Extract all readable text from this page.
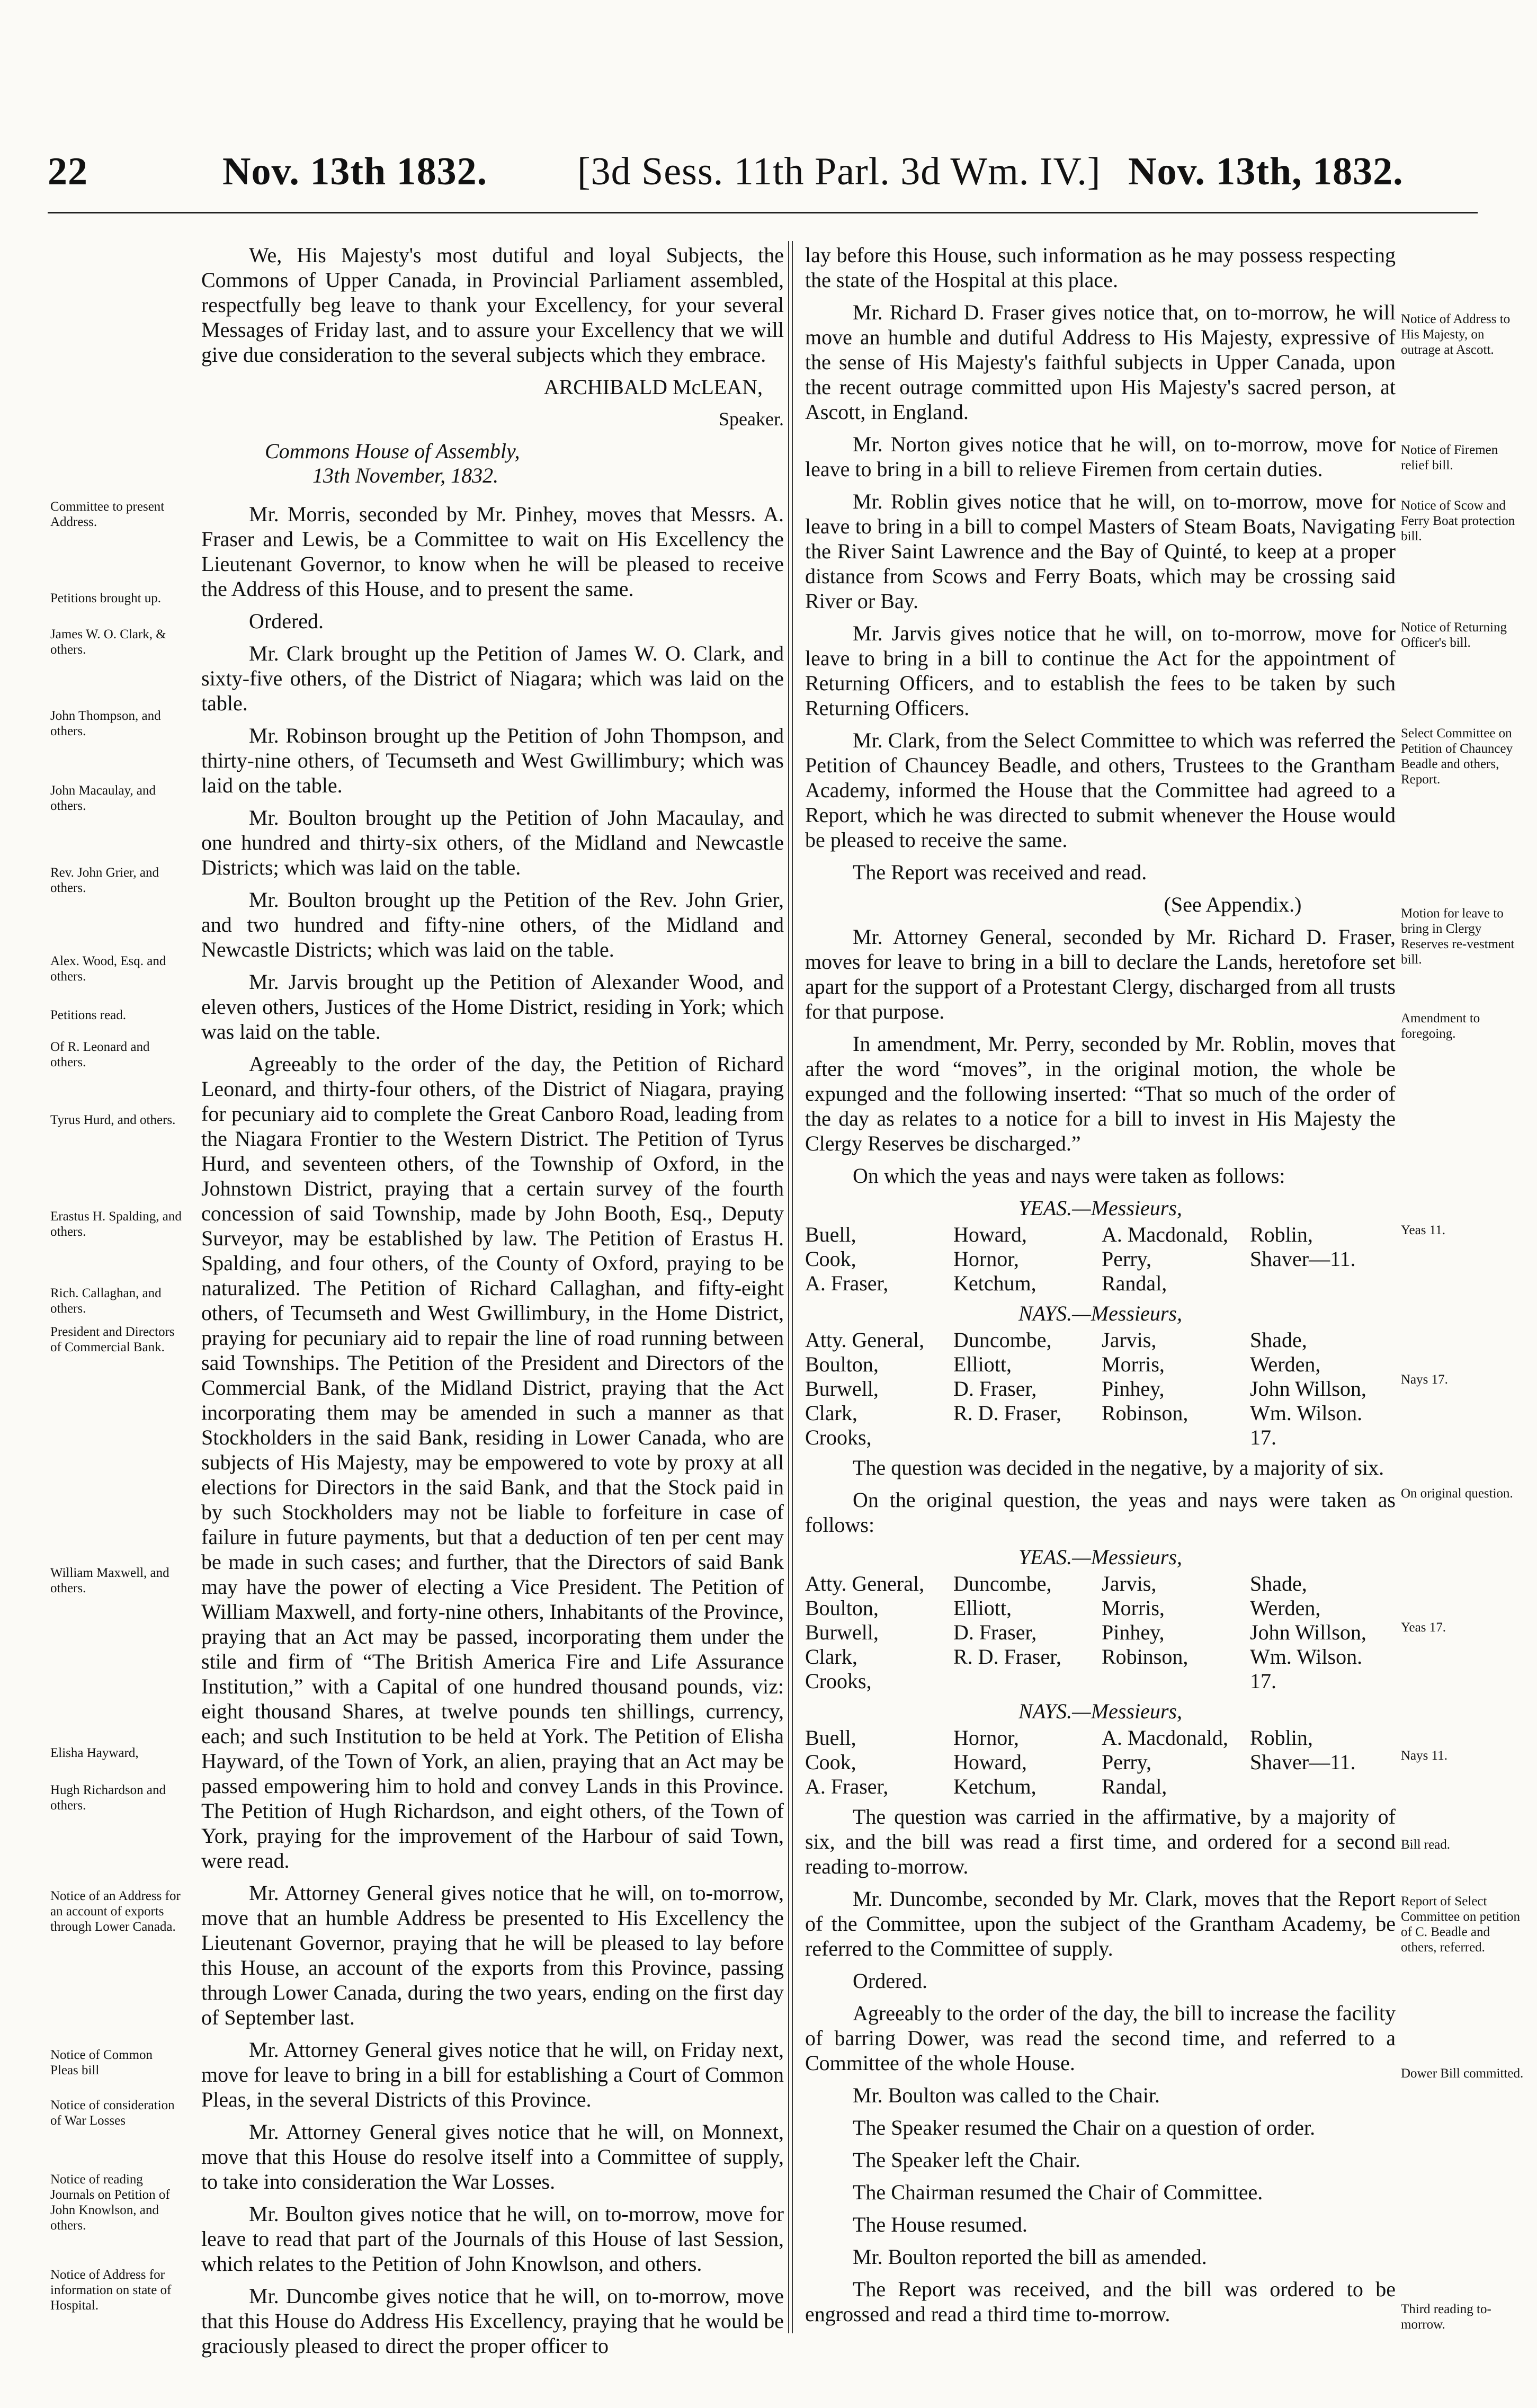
22	Nov. 13th 1832. [3d Sess. 11th Parl. 3d Wm. IV.] Nov. 13th, 1832.
Committee to present Address.
Petitions brought up.
James W. O. Clark, & others.
John Thompson, and others.
John Macaulay, and others.
Rev. John Grier, and others.
Alex. Wood, Esq. and others.
Petitions read.
Of R. Leonard and others.
Tyrus Hurd, and others.
Erastus H. Spalding, and others.
Rich. Callaghan, and others.
President and Directors of Commercial Bank.
William Maxwell, and others.
Elisha Hayward,
Hugh Richardson and others.
Notice of an Address for an account of exports through Lower Canada.
Notice of Common Pleas bill
Notice of consideration of War Losses
Notice of reading Journals on Petition of John Knowlson, and others.
Notice of Address for information on state of Hospital.

We, His Majesty's most dutiful and loyal Subjects, the Commons of Upper Canada, in Provincial Parliament assembled, respectfully beg leave to thank your Excellency, for your several Messages of Friday last, and to assure your Excellency that we will give due consideration to the several subjects which they embrace.

ARCHIBALD McLEAN,

Speaker.

Commons House of Assembly,
13th November, 1832.

Mr. Morris, seconded by Mr. Pinhey, moves that Messrs. A. Fraser and Lewis, be a Committee to wait on His Excellency the Lieutenant Governor, to know when he will be pleased to receive the Address of this House, and to present the same.

Ordered.

Mr. Clark brought up the Petition of James W. O. Clark, and sixty-five others, of the District of Niagara; which was laid on the table.

Mr. Robinson brought up the Petition of John Thompson, and thirty-nine others, of Tecumseth and West Gwillimbury; which was laid on the table.

Mr. Boulton brought up the Petition of John Macaulay, and one hundred and thirty-six others, of the Midland and Newcastle Districts; which was laid on the table.

Mr. Boulton brought up the Petition of the Rev. John Grier, and two hundred and fifty-nine others, of the Midland and Newcastle Districts; which was laid on the table.

Mr. Jarvis brought up the Petition of Alexander Wood, and eleven others, Justices of the Home District, residing in York; which was laid on the table.

Agreeably to the order of the day, the Petition of Richard Leonard, and thirty-four others, of the District of Niagara, praying for pecuniary aid to complete the Great Canboro Road, leading from the Niagara Frontier to the Western District. The Petition of Tyrus Hurd, and seventeen others, of the Township of Oxford, in the Johnstown District, praying that a certain survey of the fourth concession of said Township, made by John Booth, Esq., Deputy Surveyor, may be established by law. The Petition of Erastus H. Spalding, and four others, of the County of Oxford, praying to be naturalized. The Petition of Richard Callaghan, and fifty-eight others, of Tecumseth and West Gwillimbury, in the Home District, praying for pecuniary aid to repair the line of road running between said Townships. The Petition of the President and Directors of the Commercial Bank, of the Midland District, praying that the Act incorporating them may be amended in such a manner as that Stockholders in the said Bank, residing in Lower Canada, who are subjects of His Majesty, may be empowered to vote by proxy at all elections for Directors in the said Bank, and that the Stock paid in by such Stockholders may not be liable to forfeiture in case of failure in future payments, but that a deduction of ten per cent may be made in such cases; and further, that the Directors of said Bank may have the power of electing a Vice President. The Petition of William Maxwell, and forty-nine others, Inhabitants of the Province, praying that an Act may be passed, incorporating them under the stile and firm of “The British America Fire and Life Assurance Institution,” with a Capital of one hundred thousand pounds, viz: eight thousand Shares, at twelve pounds ten shillings, currency, each; and such Institution to be held at York. The Petition of Elisha Hayward, of the Town of York, an alien, praying that an Act may be passed empowering him to hold and convey Lands in this Province. The Petition of Hugh Richardson, and eight others, of the Town of York, praying for the improvement of the Harbour of said Town, were read.

Mr. Attorney General gives notice that he will, on to-morrow, move that an humble Address be presented to His Excellency the Lieutenant Governor, praying that he will be pleased to lay before this House, an account of the exports from this Province, passing through Lower Canada, during the two years, ending on the first day of September last.

Mr. Attorney General gives notice that he will, on Friday next, move for leave to bring in a bill for establishing a Court of Common Pleas, in the several Districts of this Province.

Mr. Attorney General gives notice that he will, on Monnext, move that this House do resolve itself into a Committee of supply, to take into consideration the War Losses.

Mr. Boulton gives notice that he will, on to-morrow, move for leave to read that part of the Journals of this House of last Session, which relates to the Petition of John Knowlson, and others.

Mr. Duncombe gives notice that he will, on to-morrow, move that this House do Address His Excellency, praying that he would be graciously pleased to direct the proper officer to

lay before this House, such information as he may possess respecting the state of the Hospital at this place.

Mr. Richard D. Fraser gives notice that, on to-morrow, he will move an humble and dutiful Address to His Majesty, expressive of the sense of His Majesty's faithful subjects in Upper Canada, upon the recent outrage committed upon His Majesty's sacred person, at Ascott, in England.

Mr. Norton gives notice that he will, on to-morrow, move for leave to bring in a bill to relieve Firemen from certain duties.

Mr. Roblin gives notice that he will, on to-morrow, move for leave to bring in a bill to compel Masters of Steam Boats, Navigating the River Saint Lawrence and the Bay of Quinté, to keep at a proper distance from Scows and Ferry Boats, which may be crossing said River or Bay.

Mr. Jarvis gives notice that he will, on to-morrow, move for leave to bring in a bill to continue the Act for the appointment of Returning Officers, and to establish the fees to be taken by such Returning Officers.

Mr. Clark, from the Select Committee to which was referred the Petition of Chauncey Beadle, and others, Trustees to the Grantham Academy, informed the House that the Committee had agreed to a Report, which he was directed to submit whenever the House would be pleased to receive the same.

The Report was received and read.

(See Appendix.)

Mr. Attorney General, seconded by Mr. Richard D. Fraser, moves for leave to bring in a bill to declare the Lands, heretofore set apart for the support of a Protestant Clergy, discharged from all trusts for that purpose.

In amendment, Mr. Perry, seconded by Mr. Roblin, moves that after the word “moves”, in the original motion, the whole be expunged and the following inserted: “That so much of the order of the day as relates to a notice for a bill to invest in His Majesty the Clergy Reserves be discharged.”

On which the yeas and nays were taken as follows:

YEAS.—Messieurs,
Buell,	Howard,	A. Macdonald,	Roblin,
Cook,	Hornor,	Perry,	Shaver—11.
A. Fraser,	Ketchum,	Randal,	
NAYS.—Messieurs,
Atty. General,	Duncombe,	Jarvis,	Shade,
Boulton,	Elliott,	Morris,	Werden,
Burwell,	D. Fraser,	Pinhey,	John Willson,
Clark,	R. D. Fraser,	Robinson,	Wm. Wilson.
Crooks,			17.

The question was decided in the negative, by a majority of six.

On the original question, the yeas and nays were taken as follows:

YEAS.—Messieurs,
Atty. General,	Duncombe,	Jarvis,	Shade,
Boulton,	Elliott,	Morris,	Werden,
Burwell,	D. Fraser,	Pinhey,	John Willson,
Clark,	R. D. Fraser,	Robinson,	Wm. Wilson.
Crooks,			17.
NAYS.—Messieurs,
Buell,	Hornor,	A. Macdonald,	Roblin,
Cook,	Howard,	Perry,	Shaver—11.
A. Fraser,	Ketchum,	Randal,	

The question was carried in the affirmative, by a majority of six, and the bill was read a first time, and ordered for a second reading to-morrow.

Mr. Duncombe, seconded by Mr. Clark, moves that the Report of the Committee, upon the subject of the Grantham Academy, be referred to the Committee of supply.

Ordered.

Agreeably to the order of the day, the bill to increase the facility of barring Dower, was read the second time, and referred to a Committee of the whole House.

Mr. Boulton was called to the Chair.

The Speaker resumed the Chair on a question of order.

The Speaker left the Chair.

The Chairman resumed the Chair of Committee.

The House resumed.

Mr. Boulton reported the bill as amended.

The Report was received, and the bill was ordered to be engrossed and read a third time to-morrow.

Notice of Address to His Majesty, on outrage at Ascott.
Notice of Firemen relief bill.
Notice of Scow and Ferry Boat protection bill.
Notice of Returning Officer's bill.
Select Committee on Petition of Chauncey Beadle and others, Report.
Motion for leave to bring in Clergy Reserves re-vestment bill.
Amendment to foregoing.
Yeas 11.
Nays 17.
On original question.
Yeas 17.
Nays 11.
Bill read.
Report of Select Committee on petition of C. Beadle and others, referred.
Dower Bill committed.
Third reading to-morrow.
